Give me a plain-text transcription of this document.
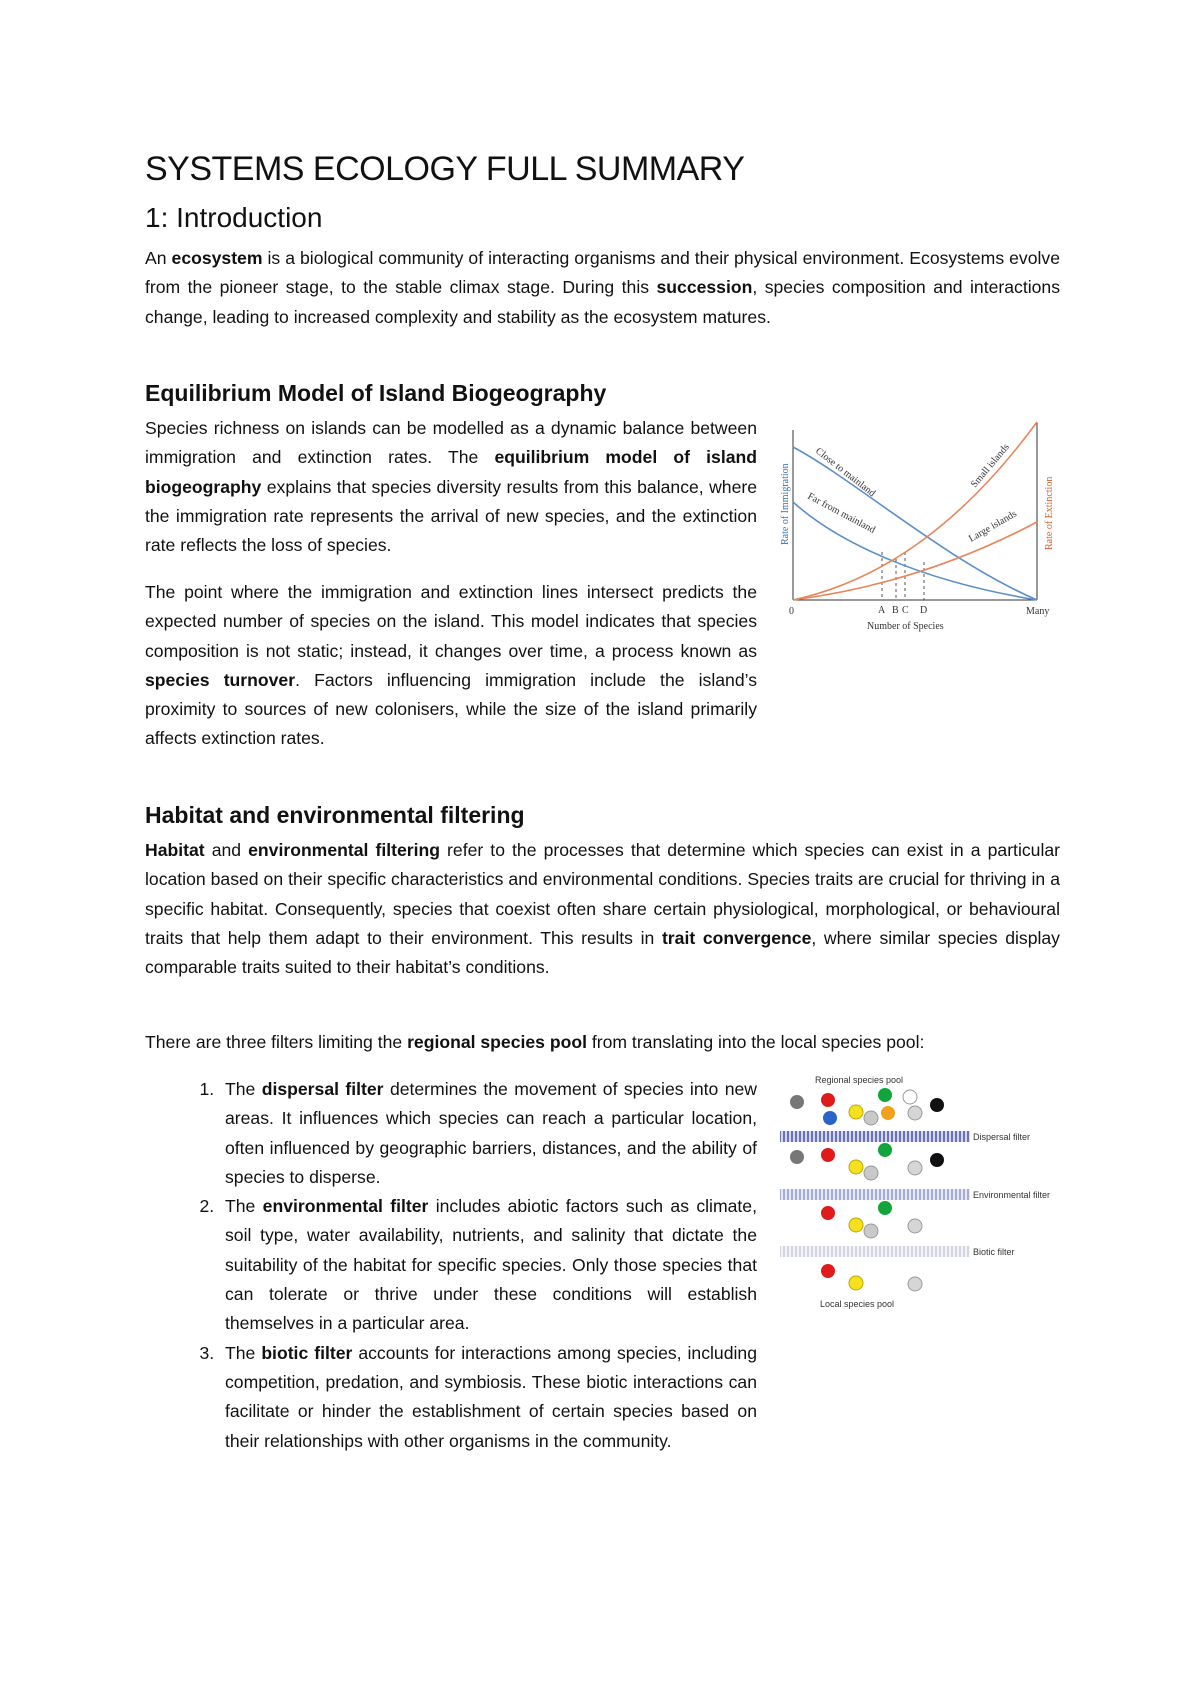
SYSTEMS ECOLOGY FULL SUMMARY
1: Introduction

An ecosystem is a biological community of interacting organisms and their physical environment. Ecosystems evolve from the pioneer stage, to the stable climax stage. During this succession, species composition and interactions change, leading to increased complexity and stability as the ecosystem matures.

Equilibrium Model of Island Biogeography

Species richness on islands can be modelled as a dynamic balance between immigration and extinction rates. The equilibrium model of island biogeography explains that species diversity results from this balance, where the immigration rate represents the arrival of new species, and the extinction rate reflects the loss of species.

The point where the immigration and extinction lines intersect predicts the expected number of species on the island. This model indicates that species composition is not static; instead, it changes over time, a process known as species turnover. Factors influencing immigration include the island’s proximity to sources of new colonisers, while the size of the island primarily affects extinction rates.

Close to mainland
Far from mainland
Small islands
Large islands
Rate of Immigration	Rate of Extinction
0	Many
A B C D
Number of Species
Habitat and environmental filtering

Habitat and environmental filtering refer to the processes that determine which species can exist in a particular location based on their specific characteristics and environmental conditions. Species traits are crucial for thriving in a specific habitat. Consequently, species that coexist often share certain physiological, morphological, or behavioural traits that help them adapt to their environment. This results in trait convergence, where similar species display comparable traits suited to their habitat’s conditions.

There are three filters limiting the regional species pool from translating into the local species pool:

1. The dispersal filter determines the movement of species into new areas. It influences which species can reach a particular location, often influenced by geographic barriers, distances, and the ability of species to disperse.
2. The environmental filter includes abiotic factors such as climate, soil type, water availability, nutrients, and salinity that dictate the suitability of the habitat for specific species. Only those species that can tolerate or thrive under these conditions will establish themselves in a particular area.
3. The biotic filter accounts for interactions among species, including competition, predation, and symbiosis. These biotic interactions can facilitate or hinder the establishment of certain species based on their relationships with other organisms in the community.
Regional species pool
Dispersal filter
Environmental filter
Biotic filter
Local species pool
